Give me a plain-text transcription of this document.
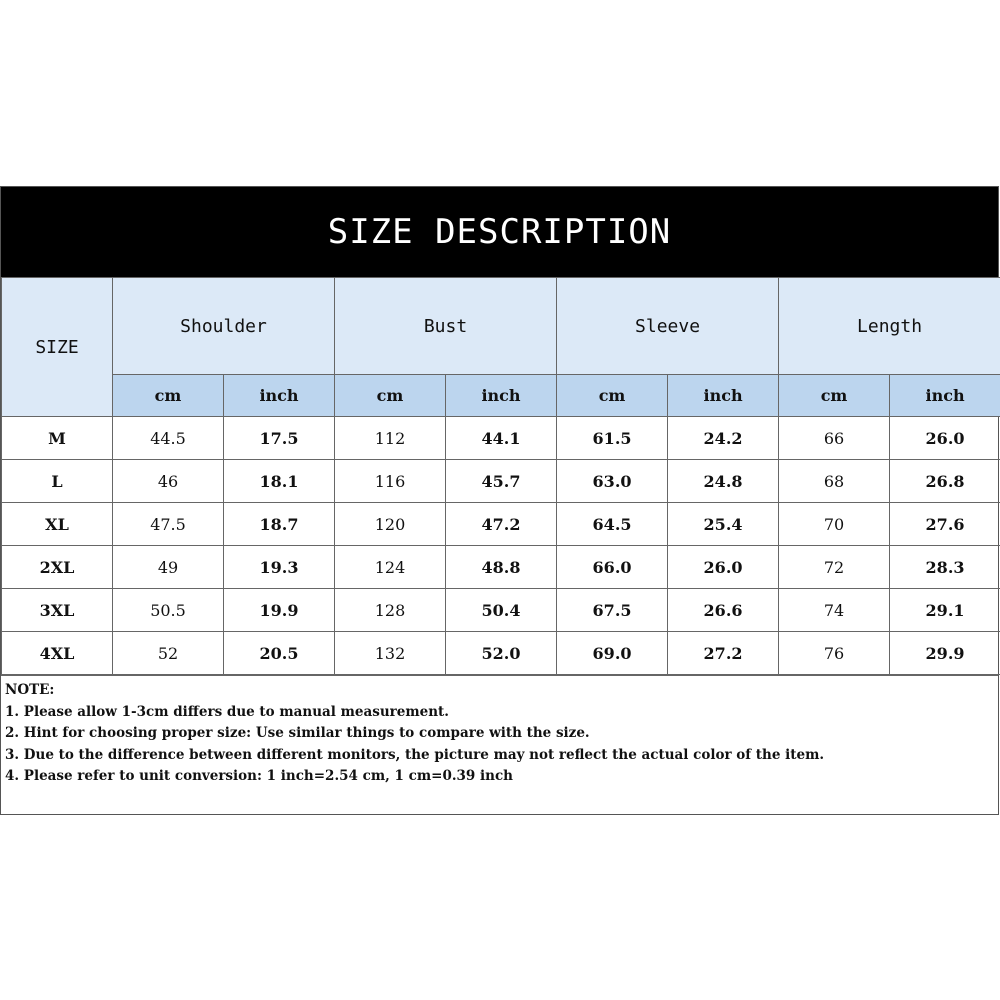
SIZE DESCRIPTION
SIZE	Shoulder		Bust		Sleeve		Length	
	cm	inch	cm	inch	cm	inch	cm	inch
M	44.5	17.5	112	44.1	61.5	24.2	66	26.0
L	46	18.1	116	45.7	63.0	24.8	68	26.8
XL	47.5	18.7	120	47.2	64.5	25.4	70	27.6
2XL	49	19.3	124	48.8	66.0	26.0	72	28.3
3XL	50.5	19.9	128	50.4	67.5	26.6	74	29.1
4XL	52	20.5	132	52.0	69.0	27.2	76	29.9
NOTE:
1. Please allow 1-3cm differs due to manual measurement.
2. Hint for choosing proper size: Use similar things to compare with the size.
3. Due to the difference between different monitors, the picture may not reflect the actual color of the item.
4. Please refer to unit conversion: 1 inch=2.54 cm, 1 cm=0.39 inch
